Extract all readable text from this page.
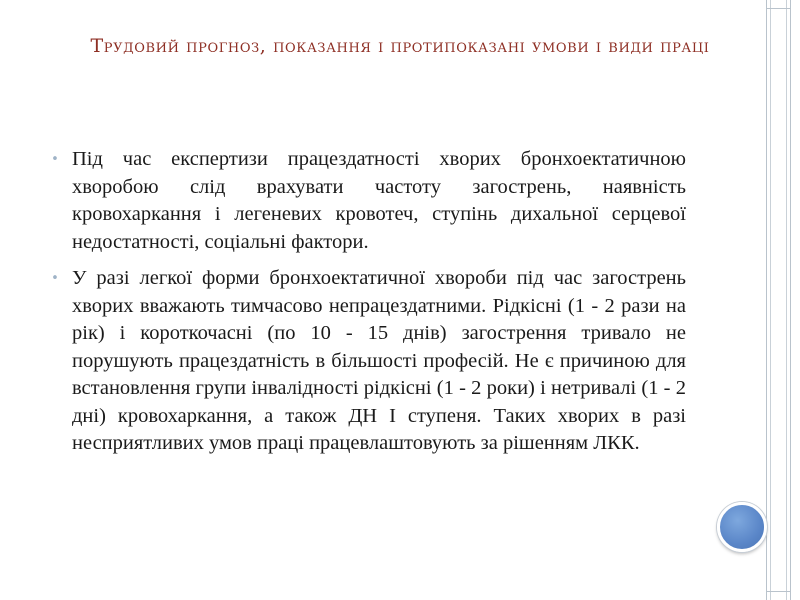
Трудовий прогноз, показання і протипоказані умови і види праці

• Під час експертизи працездатності хворих бронхоектатичною хворобою слід врахувати частоту загострень, наявність кровохаркання і легеневих кровотеч, ступінь дихальної серцевої недостатності, соціальні фактори.

• У разі легкої форми бронхоектатичної хвороби під час загострень хворих вважають тимчасово непрацездатними. Рідкісні (1 - 2 рази на рік) і короткочасні (по 10 - 15 днів) загострення тривало не порушують працездатність в більшості професій. Не є причиною для встановлення групи інвалідності рідкісні (1 - 2 роки) і нетривалі (1 - 2 дні) кровохаркання, а також ДН І ступеня. Таких хворих в разі несприятливих умов праці працевлаштовують за рішенням ЛКК.
